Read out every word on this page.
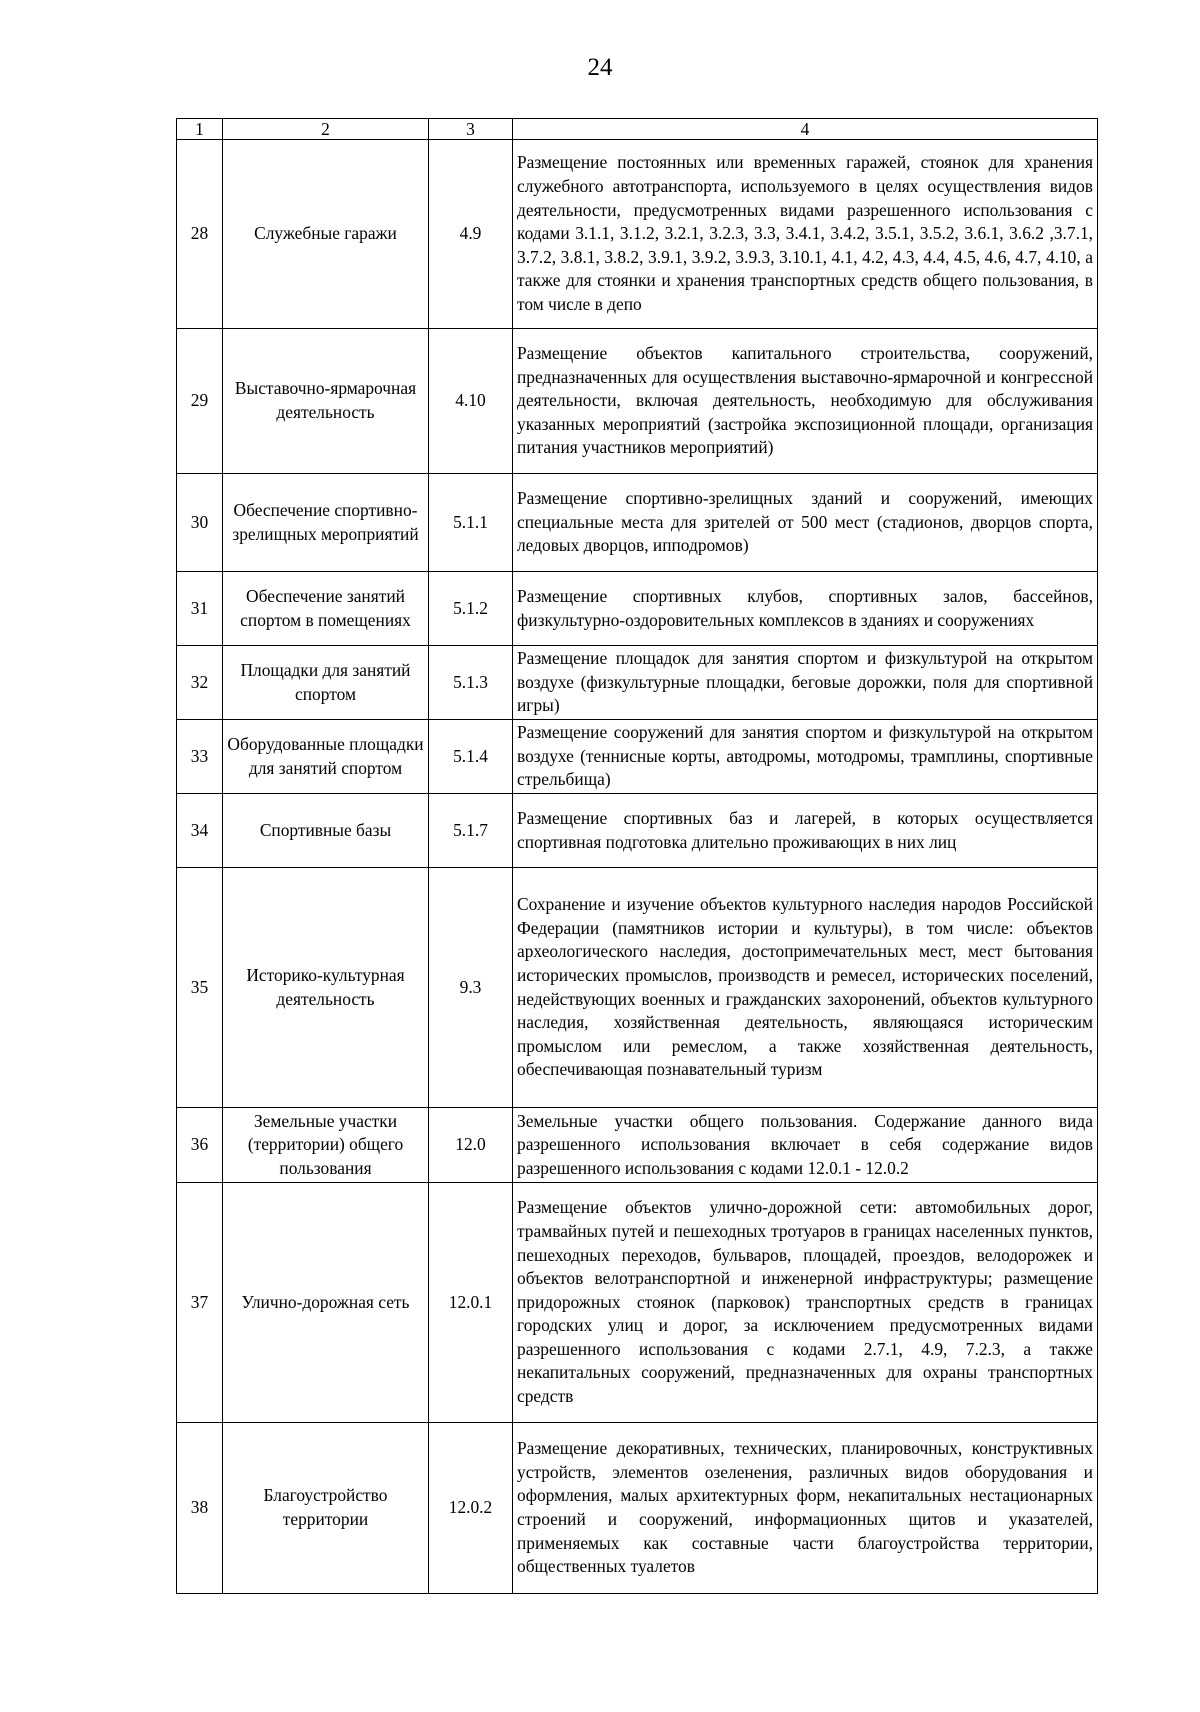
24
1	2	3	4
28	Служебные гаражи	4.9	Размещение постоянных или временных гаражей, стоянок для хранения служебного автотранспорта, используемого в целях осуществления видов деятельности, предусмотренных видами разрешенного использования с кодами 3.1.1, 3.1.2, 3.2.1, 3.2.3, 3.3, 3.4.1, 3.4.2, 3.5.1, 3.5.2, 3.6.1, 3.6.2 ,3.7.1, 3.7.2, 3.8.1, 3.8.2, 3.9.1, 3.9.2, 3.9.3, 3.10.1, 4.1, 4.2, 4.3, 4.4, 4.5, 4.6, 4.7, 4.10, а также для стоянки и хранения транспортных средств общего пользования, в том числе в депо
29	Выставочно-ярмарочная деятельность	4.10	Размещение объектов капитального строительства, сооружений, предназначенных для осуществления выставочно-ярмарочной и конгрессной деятельности, включая деятельность, необходимую для обслуживания указанных мероприятий (застройка экспозиционной площади, организация питания участников мероприятий)
30	Обеспечение спортивно-зрелищных мероприятий	5.1.1	Размещение спортивно-зрелищных зданий и сооружений, имеющих специальные места для зрителей от 500 мест (стадионов, дворцов спорта, ледовых дворцов, ипподромов)
31	Обеспечение занятий спортом в помещениях	5.1.2	Размещение спортивных клубов, спортивных залов, бассейнов, физкультурно-оздоровительных комплексов в зданиях и сооружениях
32	Площадки для занятий спортом	5.1.3	Размещение площадок для занятия спортом и физкультурой на открытом воздухе (физкультурные площадки, беговые дорожки, поля для спортивной игры)
33	Оборудованные площадки для занятий спортом	5.1.4	Размещение сооружений для занятия спортом и физкультурой на открытом воздухе (теннисные корты, автодромы, мотодромы, трамплины, спортивные стрельбища)
34	Спортивные базы	5.1.7	Размещение спортивных баз и лагерей, в которых осуществляется спортивная подготовка длительно проживающих в них лиц
35	Историко-культурная деятельность	9.3	Сохранение и изучение объектов культурного наследия народов Российской Федерации (памятников истории и культуры), в том числе: объектов археологического наследия, достопримечательных мест, мест бытования исторических промыслов, производств и ремесел, исторических поселений, недействующих военных и гражданских захоронений, объектов культурного наследия, хозяйственная деятельность, являющаяся историческим промыслом или ремеслом, а также хозяйственная деятельность, обеспечивающая познавательный туризм
36	Земельные участки (территории) общего пользования	12.0	Земельные участки общего пользования. Содержание данного вида разрешенного использования включает в себя содержание видов разрешенного использования с кодами 12.0.1 - 12.0.2
37	Улично-дорожная сеть	12.0.1	Размещение объектов улично-дорожной сети: автомобильных дорог, трамвайных путей и пешеходных тротуаров в границах населенных пунктов, пешеходных переходов, бульваров, площадей, проездов, велодорожек и объектов велотранспортной и инженерной инфраструктуры; размещение придорожных стоянок (парковок) транспортных средств в границах городских улиц и дорог, за исключением предусмотренных видами разрешенного использования с кодами 2.7.1, 4.9, 7.2.3, а также некапитальных сооружений, предназначенных для охраны транспортных средств
38	Благоустройство территории	12.0.2	Размещение декоративных, технических, планировочных, конструктивных устройств, элементов озеленения, различных видов оборудования и оформления, малых архитектурных форм, некапитальных нестационарных строений и сооружений, информационных щитов и указателей, применяемых как составные части благоустройства территории, общественных туалетов
